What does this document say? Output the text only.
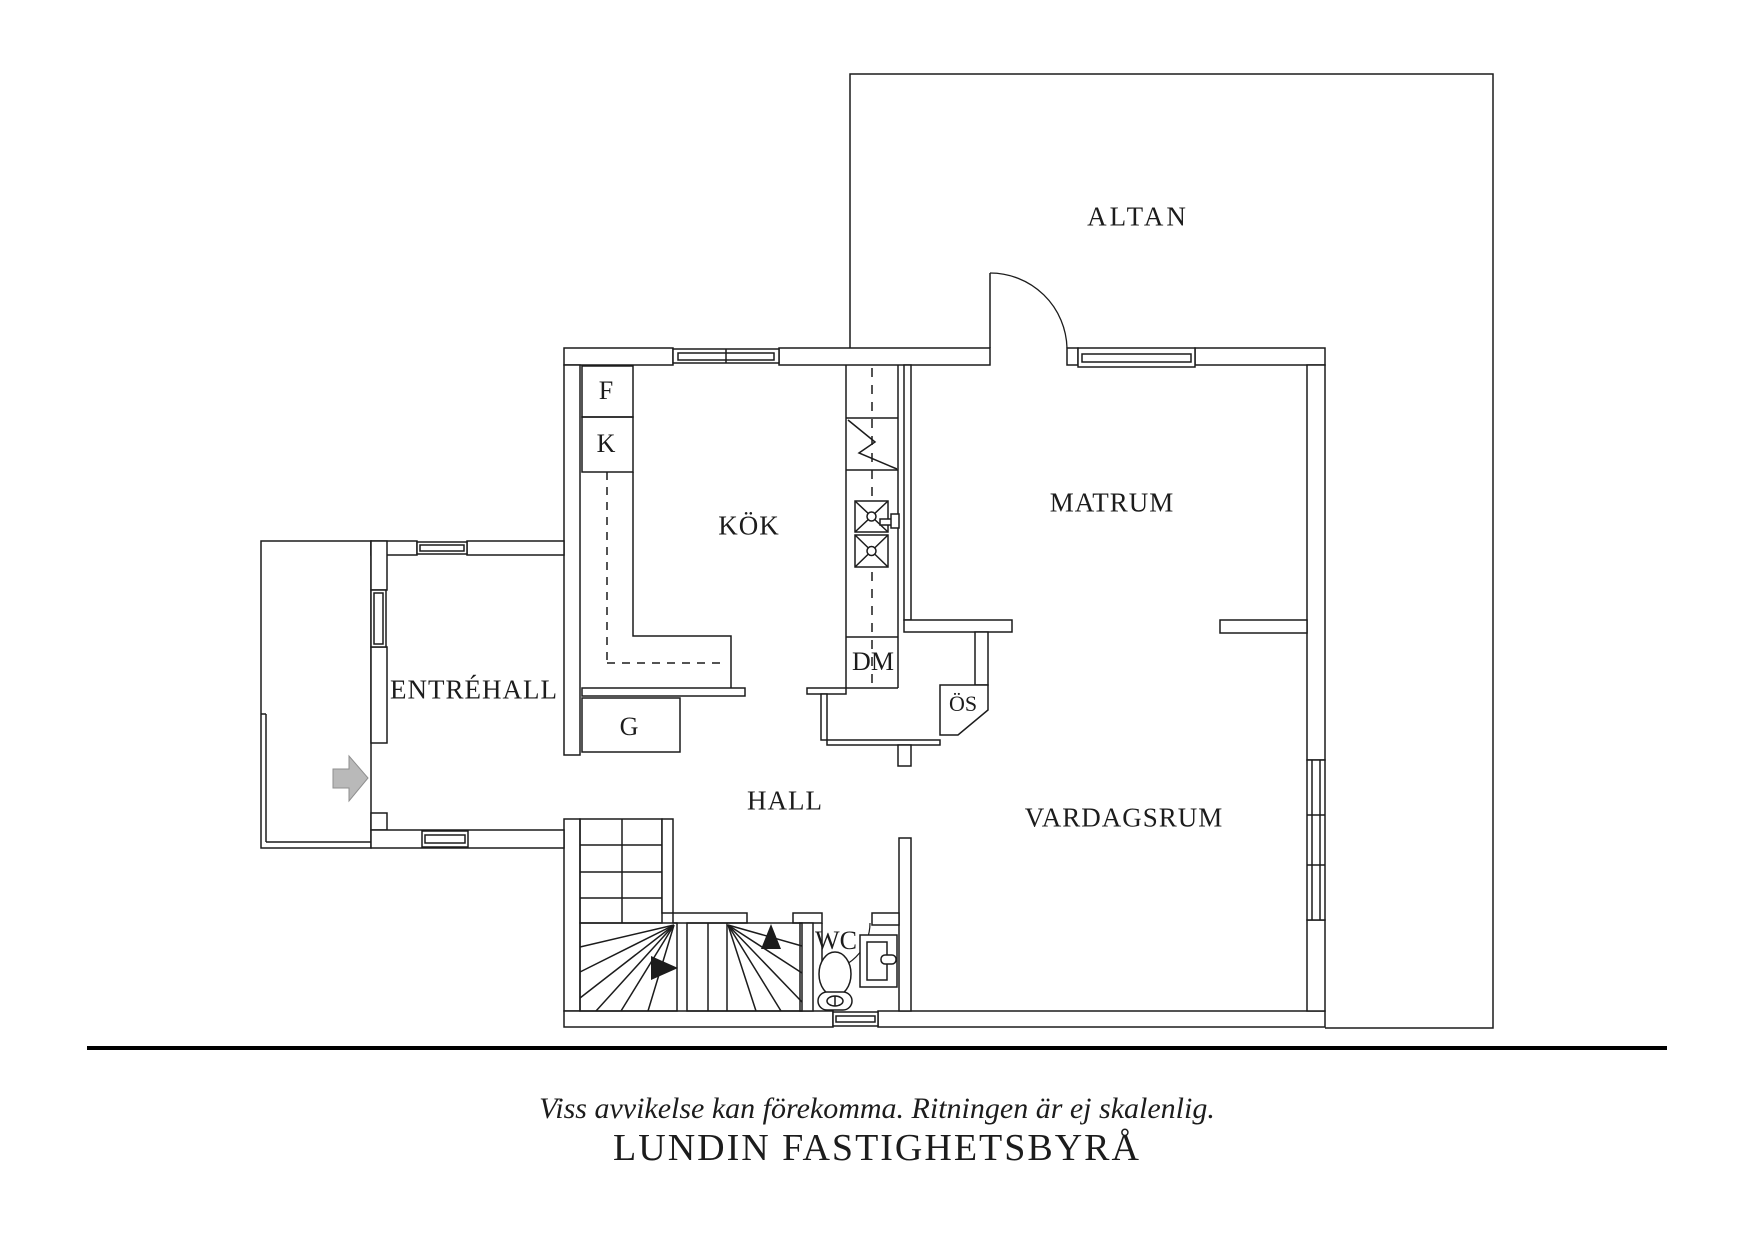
ALTAN
MATRUM
KÖK
ENTRÉHALL
HALL
VARDAGSRUM
WC
F
K
G
DM
ÖS
Viss avvikelse kan förekomma. Ritningen är ej skalenlig.
LUNDIN FASTIGHETSBYRÅ
